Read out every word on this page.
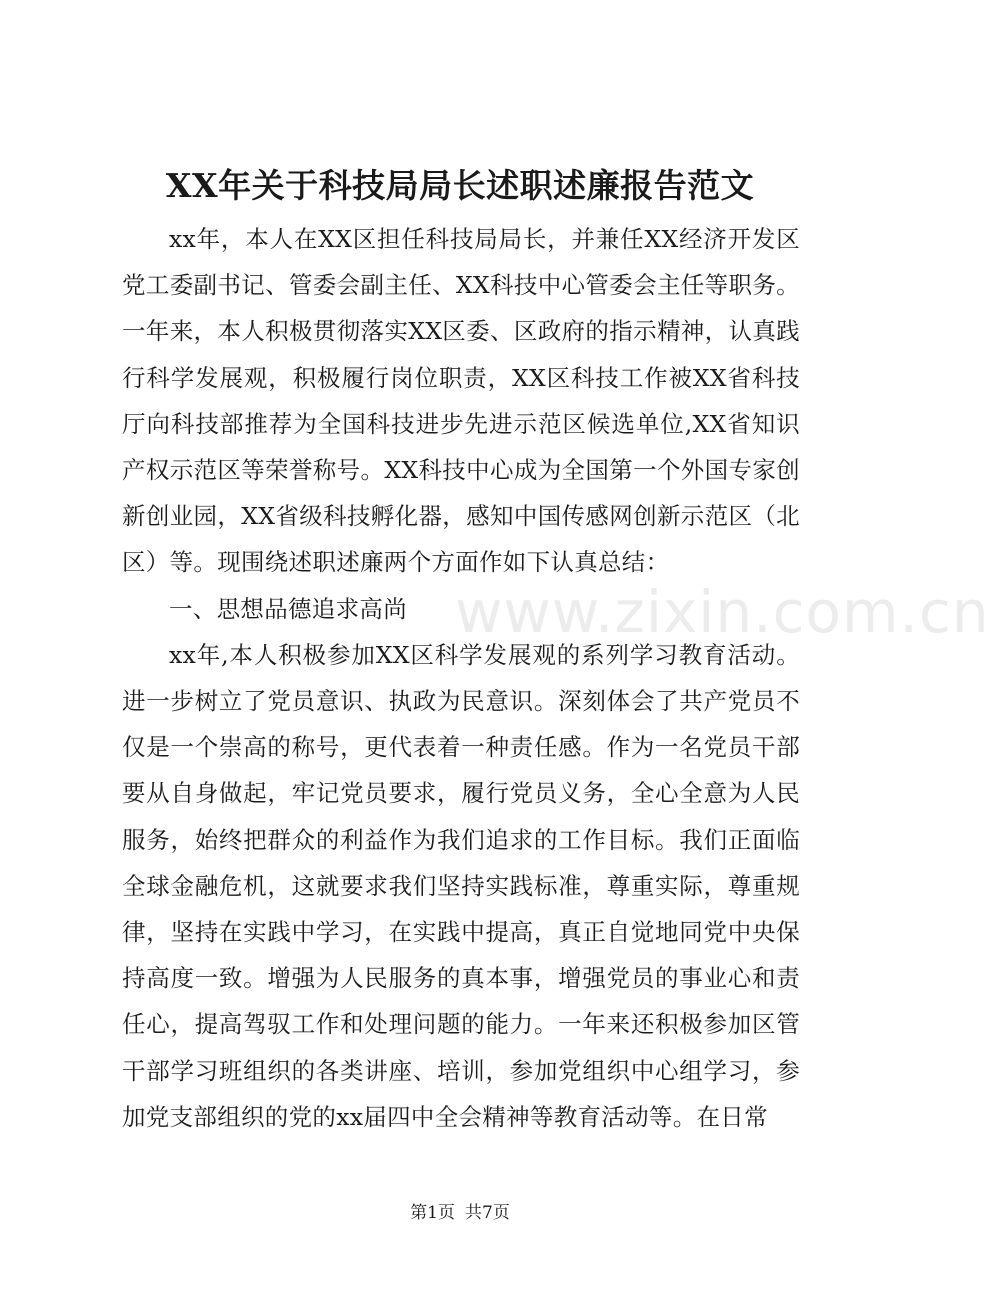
XX年关于科技局局长述职述廉报告范文

xx年，本人在XX区担任科技局局长，并兼任XX经济开发区党工委副书记、管委会副主任、XX科技中心管委会主任等职务。一年来，本人积极贯彻落实XX区委、区政府的指示精神，认真践行科学发展观，积极履行岗位职责，XX区科技工作被XX省科技厅向科技部推荐为全国科技进步先进示范区候选单位,XX省知识产权示范区等荣誉称号。XX科技中心成为全国第一个外国专家创新创业园，XX省级科技孵化器，感知中国传感网创新示范区（北区）等。现围绕述职述廉两个方面作如下认真总结：

一、思想品德追求高尚

xx年,本人积极参加XX区科学发展观的系列学习教育活动。进一步树立了党员意识、执政为民意识。深刻体会了共产党员不仅是一个崇高的称号，更代表着一种责任感。作为一名党员干部要从自身做起，牢记党员要求，履行党员义务，全心全意为人民服务，始终把群众的利益作为我们追求的工作目标。我们正面临全球金融危机，这就要求我们坚持实践标准，尊重实际，尊重规律，坚持在实践中学习，在实践中提高，真正自觉地同党中央保持高度一致。增强为人民服务的真本事，增强党员的事业心和责任心，提高驾驭工作和处理问题的能力。一年来还积极参加区管干部学习班组织的各类讲座、培训，参加党组织中心组学习，参加党支部组织的党的xx届四中全会精神等教育活动等。在日常

www.zixin.com.cn
第1页 共7页
